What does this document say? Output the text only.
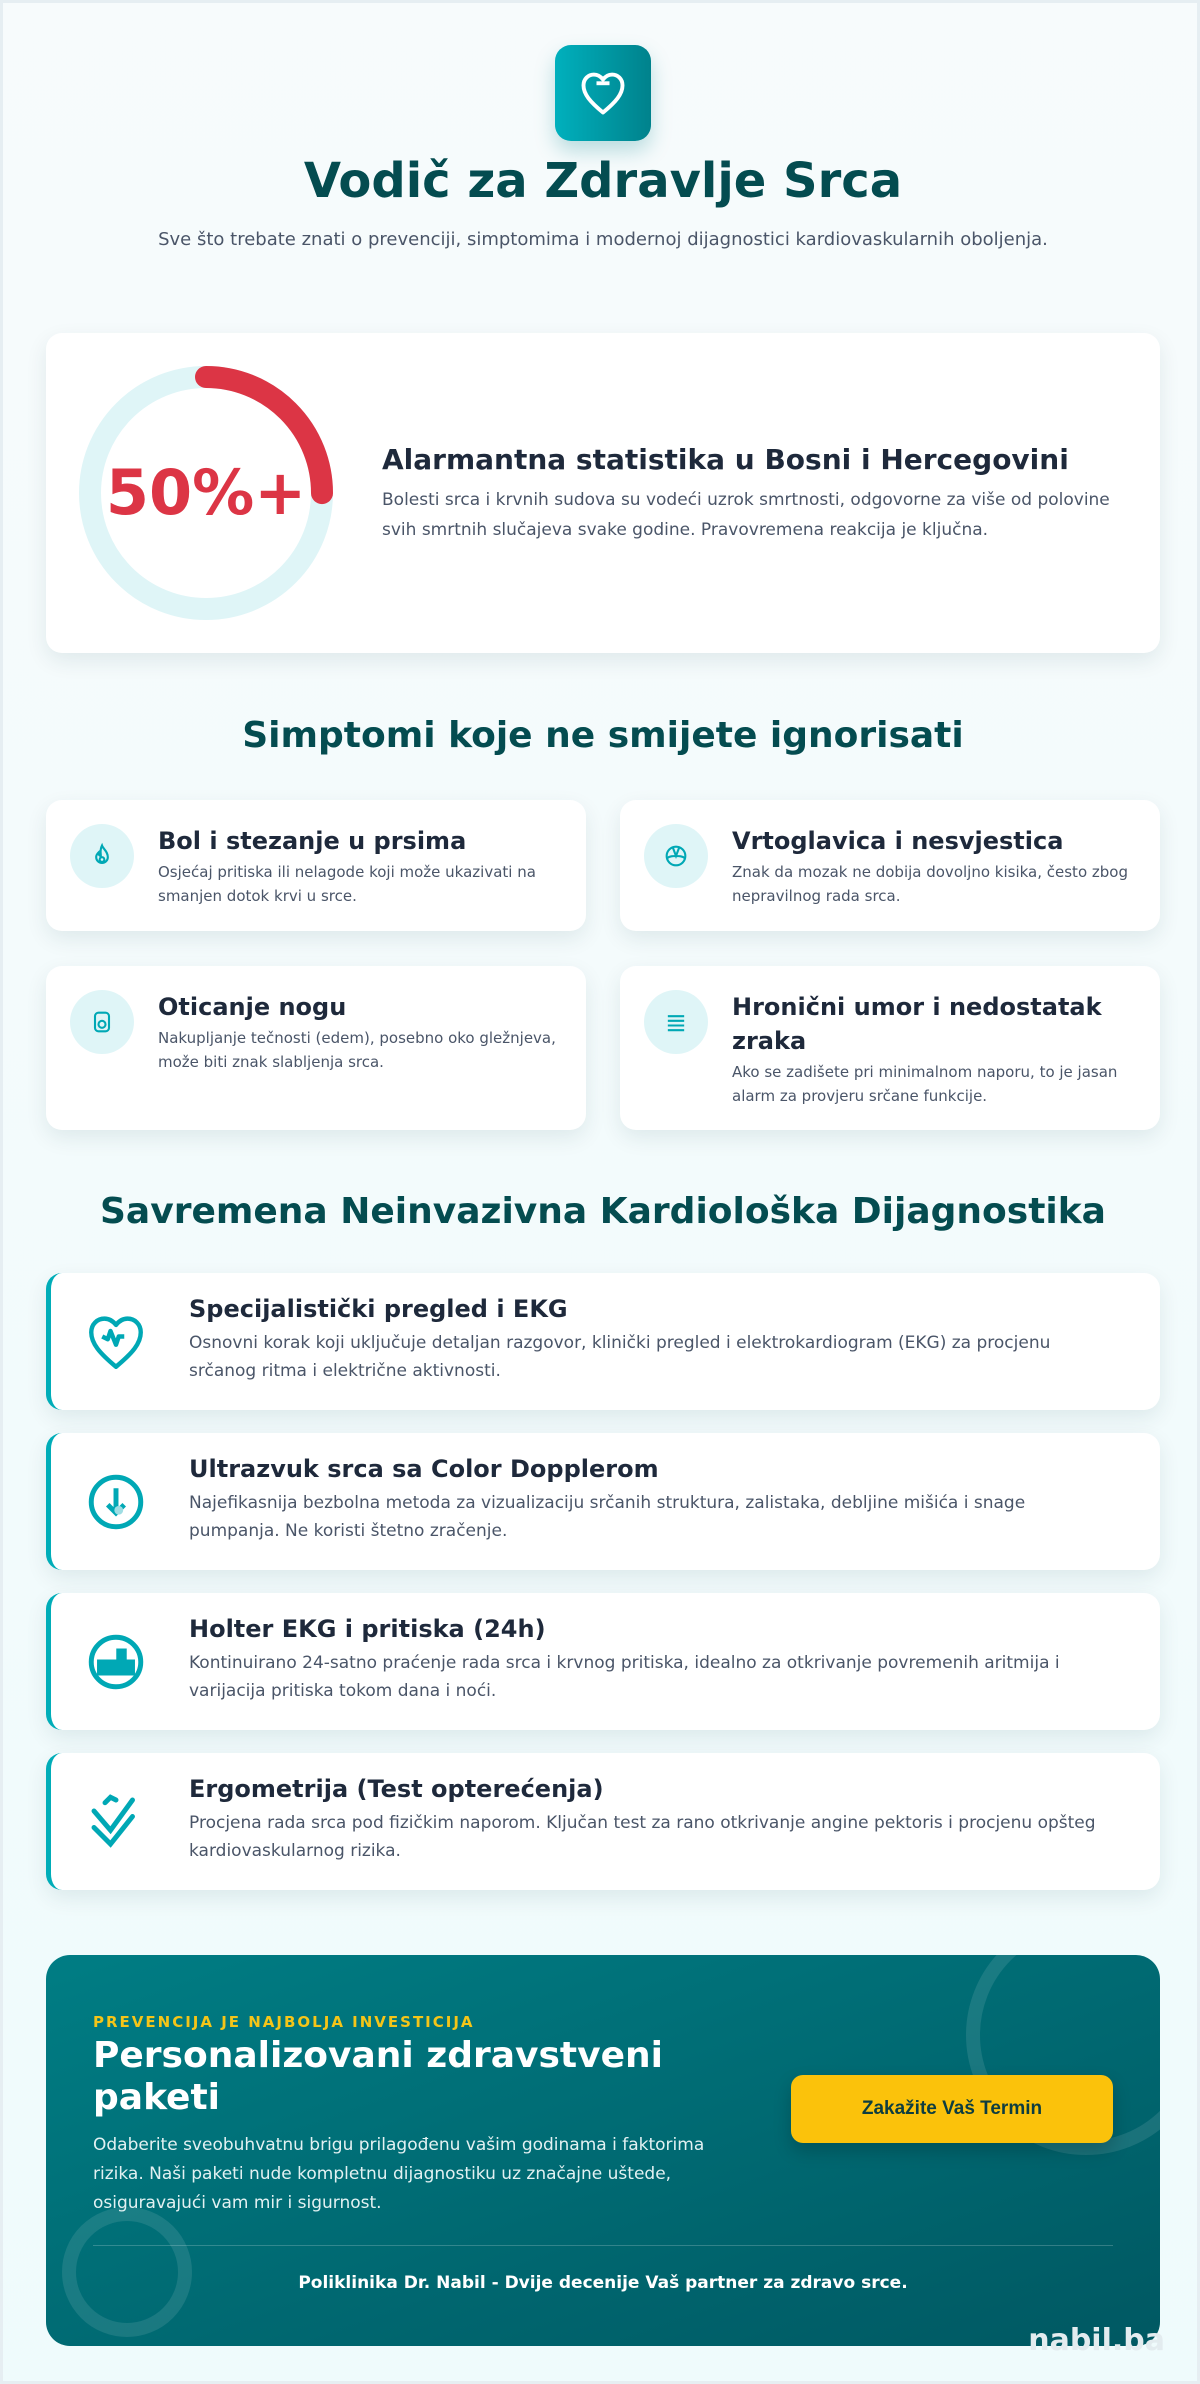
Vodič za Zdravlje Srca

Sve što trebate znati o prevenciji, simptomima i modernoj dijagnostici kardiovaskularnih oboljenja.

50%+	Alarmantna statistika u Bosni i Hercegovini

Bolesti srca i krvnih sudova su vodeći uzrok smrtnosti, odgovorne za više od polovine svih smrtnih slučajeva svake godine. Pravovremena reakcija je ključna.

Simptomi koje ne smijete ignorisati
Bol i stezanje u prsima

Osjećaj pritiska ili nelagode koji može ukazivati na smanjen dotok krvi u srce.

Vrtoglavica i nesvjestica

Znak da mozak ne dobija dovoljno kisika, često zbog nepravilnog rada srca.

Oticanje nogu

Nakupljanje tečnosti (edem), posebno oko gležnjeva, može biti znak slabljenja srca.

Hronični umor i nedostatak zraka

Ako se zadišete pri minimalnom naporu, to je jasan alarm za provjeru srčane funkcije.

Savremena Neinvazivna Kardiološka Dijagnostika
Specijalistički pregled i EKG

Osnovni korak koji uključuje detaljan razgovor, klinički pregled i elektrokardiogram (EKG) za procjenu srčanog ritma i električne aktivnosti.

Ultrazvuk srca sa Color Dopplerom

Najefikasnija bezbolna metoda za vizualizaciju srčanih struktura, zalistaka, debljine mišića i snage pumpanja. Ne koristi štetno zračenje.

Holter EKG i pritiska (24h)

Kontinuirano 24-satno praćenje rada srca i krvnog pritiska, idealno za otkrivanje povremenih aritmija i varijacija pritiska tokom dana i noći.

Ergometrija (Test opterećenja)

Procjena rada srca pod fizičkim naporom. Ključan test za rano otkrivanje angine pektoris i procjenu opšteg kardiovaskularnog rizika.

PREVENCIJA JE NAJBOLJA INVESTICIJA
Personalizovani zdravstveni paketi

Odaberite sveobuhvatnu brigu prilagođenu vašim godinama i faktorima rizika. Naši paketi nude kompletnu dijagnostiku uz značajne uštede, osiguravajući vam mir i sigurnost.

Zakažite Vaš Termin
Poliklinika Dr. Nabil - Dvije decenije Vaš partner za zdravo srce.
nabil.ba
